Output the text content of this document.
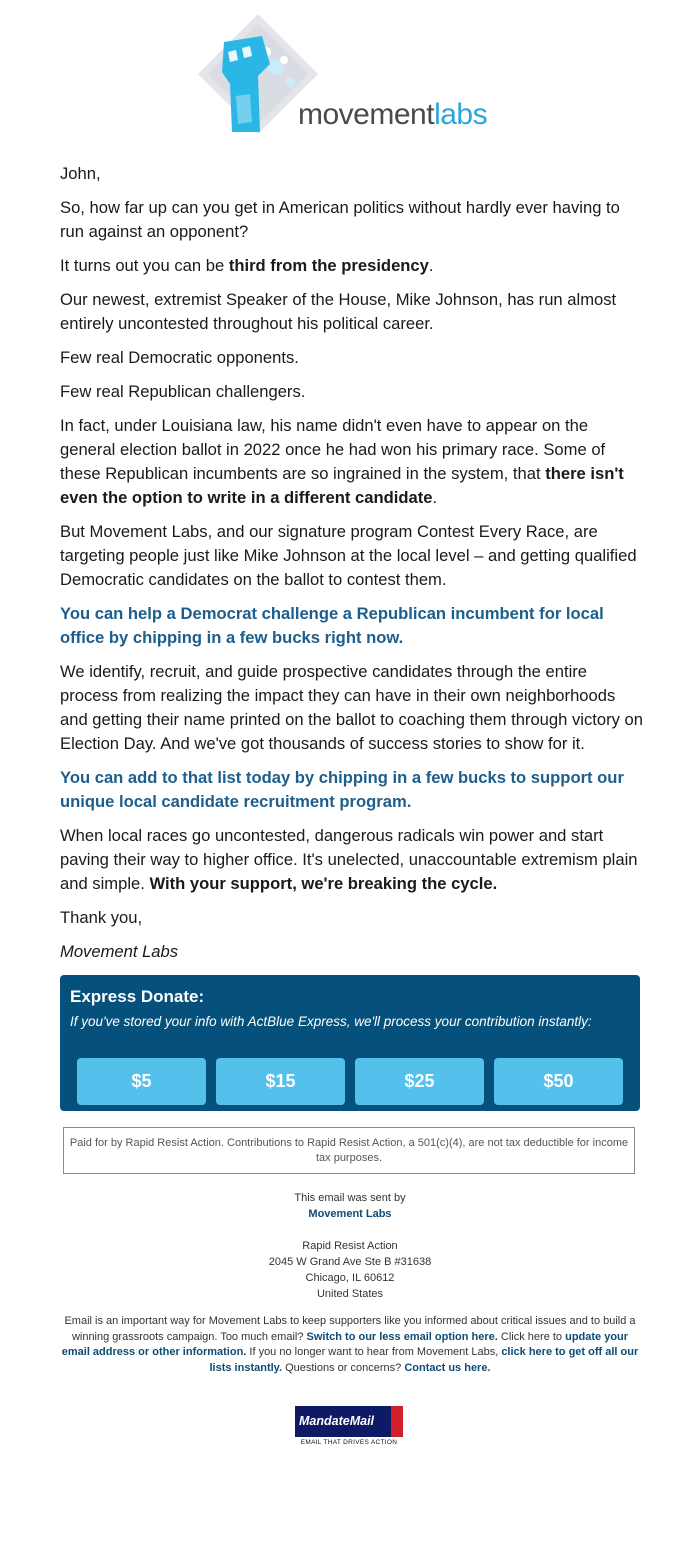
movementlabs

John,

So, how far up can you get in American politics without hardly ever having to run against an opponent?

It turns out you can be third from the presidency.

Our newest, extremist Speaker of the House, Mike Johnson, has run almost entirely uncontested throughout his political career.

Few real Democratic opponents.

Few real Republican challengers.

In fact, under Louisiana law, his name didn't even have to appear on the general election ballot in 2022 once he had won his primary race. Some of these Republican incumbents are so ingrained in the system, that there isn't even the option to write in a different candidate.

But Movement Labs, and our signature program Contest Every Race, are targeting people just like Mike Johnson at the local level – and getting qualified Democratic candidates on the ballot to contest them.

You can help a Democrat challenge a Republican incumbent for local office by chipping in a few bucks right now.

We identify, recruit, and guide prospective candidates through the entire process from realizing the impact they can have in their own neighborhoods and getting their name printed on the ballot to coaching them through victory on Election Day. And we've got thousands of success stories to show for it.

You can add to that list today by chipping in a few bucks to support our unique local candidate recruitment program.

When local races go uncontested, dangerous radicals win power and start paving their way to higher office. It's unelected, unaccountable extremism plain and simple. With your support, we're breaking the cycle.

Thank you,

Movement Labs

Express Donate:
If you've stored your info with ActBlue Express, we'll process your contribution instantly:
$5	$15	$25	$50
Paid for by Rapid Resist Action. Contributions to Rapid Resist Action, a 501(c)(4), are not tax deductible for income tax purposes.
This email was sent by
Movement Labs
Rapid Resist Action
2045 W Grand Ave Ste B #31638
Chicago, IL 60612
United States
Email is an important way for Movement Labs to keep supporters like you informed about critical issues and to build a winning grassroots campaign. Too much email? Switch to our less email option here. Click here to update your email address or other information. If you no longer want to hear from Movement Labs, click here to get off all our lists instantly. Questions or concerns? Contact us here.
MandateMail
EMAIL THAT DRIVES ACTION
